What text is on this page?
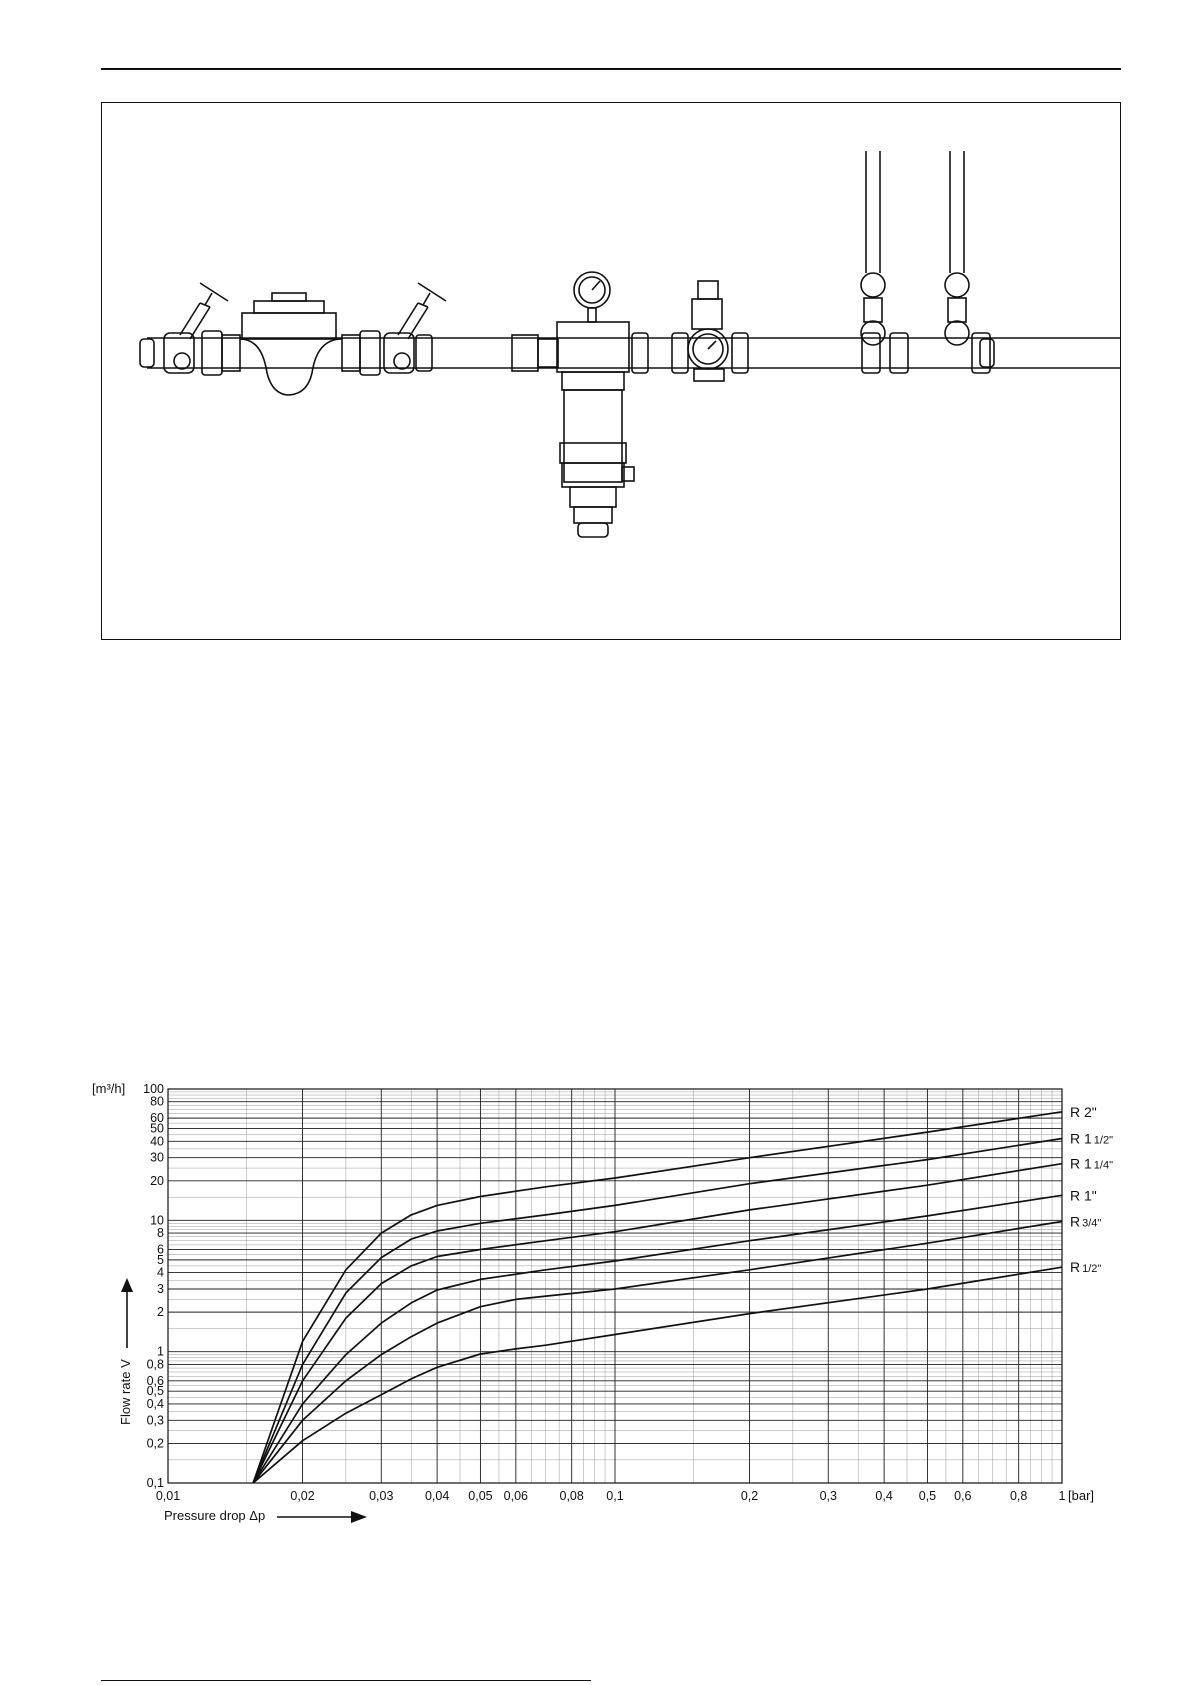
0,01	0,02	0,03	0,04 0,05 0,06	0,08 0,1	0,2	0,3	0,4 0,5 0,6	0,8 1
0,1
0,2
0,3
0,4
0,5
0,6
0,8
1
2
3
4
5
6
8
10
20
30
40
50
60
80
100
R 2"
R 1 1/2"
R 1 1/4"
R 1"
R 3/4"
R 1/2"
[m³/h]
[bar]
Pressure drop Δp
Flow rate V
